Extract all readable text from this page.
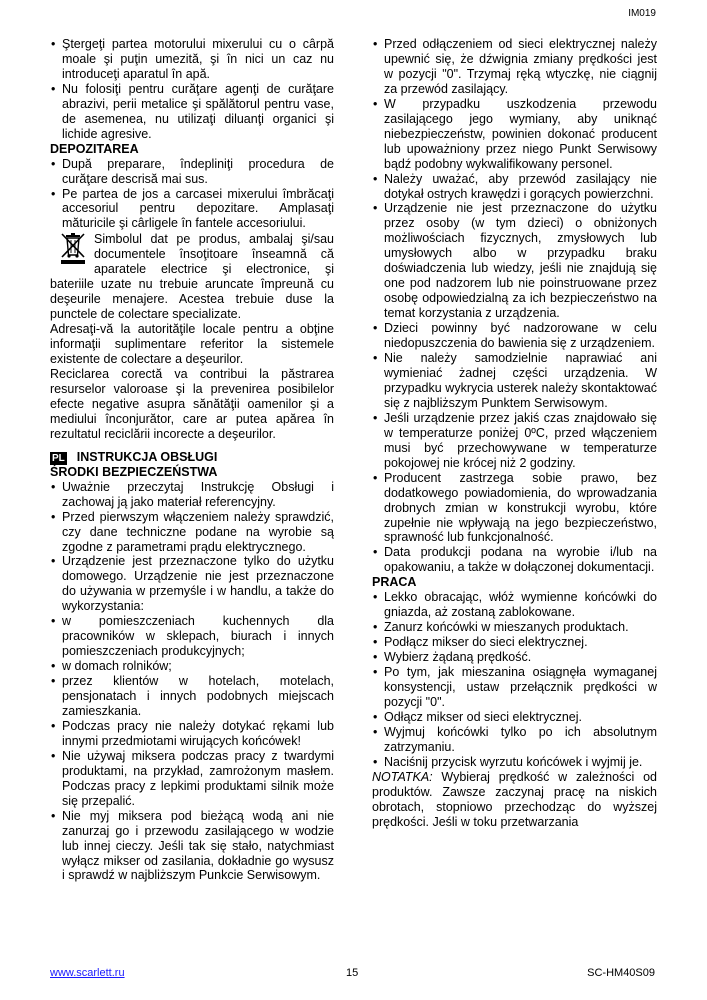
IM019
• Ştergeţi partea motorului mixerului cu o cârpă moale şi puţin umezită, şi în nici un caz nu introduceţi aparatul în apă.
• Nu folosiţi pentru curăţare agenţi de curăţare abrazivi, perii metalice şi spălătorul pentru vase, de asemenea, nu utilizaţi diluanţi organici şi lichide agresive.

DEPOZITAREA

• După preparare, îndepliniţi procedura de curăţare descrisă mai sus.
• Pe partea de jos a carcasei mixerului îmbrăcaţi accesoriul pentru depozitare. Amplasaţi măturicile şi cârligele în fantele accesoriului.
Simbolul dat pe produs, ambalaj şi/sau documentele însoţitoare înseamnă că aparatele electrice şi electronice, şi bateriile uzate nu trebuie aruncate împreună cu deşeurile menajere. Acestea trebuie duse la punctele de colectare specializate.

Adresaţi-vă la autorităţile locale pentru a obţine informaţii suplimentare referitor la sistemele existente de colectare a deşeurilor.

Reciclarea corectă va contribui la păstrarea resurselor valoroase şi la prevenirea posibilelor efecte negative asupra sănătăţii oamenilor şi a mediului înconjurător, care ar putea apărea în rezultatul reciclării incorecte a deşeurilor.

PL INSTRUKCJA OBSŁUGI

ŚRODKI BEZPIECZEŃSTWA

• Uważnie przeczytaj Instrukcję Obsługi i zachowaj ją jako materiał referencyjny.
• Przed pierwszym włączeniem należy sprawdzić, czy dane techniczne podane na wyrobie są zgodne z parametrami prądu elektrycznego.
• Urządzenie jest przeznaczone tylko do użytku domowego. Urządzenie nie jest przeznaczone do używania w przemyśle i w handlu, a także do wykorzystania:
• w pomieszczeniach kuchennych dla pracowników w sklepach, biurach i innych pomieszczeniach produkcyjnych;
• w domach rolników;
• przez klientów w hotelach, motelach, pensjonatach i innych podobnych miejscach zamieszkania.
• Podczas pracy nie należy dotykać rękami lub innymi przedmiotami wirujących końcówek!
• Nie używaj miksera podczas pracy z twardymi produktami, na przykład, zamrożonym masłem. Podczas pracy z lepkimi produktami silnik może się przepalić.
• Nie myj miksera pod bieżącą wodą ani nie zanurzaj go i przewodu zasilającego w wodzie lub innej cieczy. Jeśli tak się stało, natychmiast wyłącz mikser od zasilania, dokładnie go wysusz i sprawdź w najbliższym Punkcie Serwisowym.
• Przed odłączeniem od sieci elektrycznej należy upewnić się, że dźwignia zmiany prędkości jest w pozycji "0". Trzymaj ręką wtyczkę, nie ciągnij za przewód zasilający.
• W przypadku uszkodzenia przewodu zasilającego jego wymiany, aby uniknąć niebezpieczeństw, powinien dokonać producent lub upoważniony przez niego Punkt Serwisowy bądź podobny wykwalifikowany personel.
• Należy uważać, aby przewód zasilający nie dotykał ostrych krawędzi i gorących powierzchni.
• Urządzenie nie jest przeznaczone do użytku przez osoby (w tym dzieci) o obniżonych możliwościach fizycznych, zmysłowych lub umysłowych albo w przypadku braku doświadczenia lub wiedzy, jeśli nie znajdują się one pod nadzorem lub nie poinstruowane przez osobę odpowiedzialną za ich bezpieczeństwo na temat korzystania z urządzenia.
• Dzieci powinny być nadzorowane w celu niedopuszczenia do bawienia się z urządzeniem.
• Nie należy samodzielnie naprawiać ani wymieniać żadnej części urządzenia. W przypadku wykrycia usterek należy skontaktować się z najbliższym Punktem Serwisowym.
• Jeśli urządzenie przez jakiś czas znajdowało się w temperaturze poniżej 0ºC, przed włączeniem musi być przechowywane w temperaturze pokojowej nie krócej niż 2 godziny.
• Producent zastrzega sobie prawo, bez dodatkowego powiadomienia, do wprowadzania drobnych zmian w konstrukcji wyrobu, które zupełnie nie wpływają na jego bezpieczeństwo, sprawność lub funkcjonalność.
• Data produkcji podana na wyrobie i/lub na opakowaniu, a także w dołączonej dokumentacji.

PRACA

• Lekko obracając, włóż wymienne końcówki do gniazda, aż zostaną zablokowane.
• Zanurz końcówki w mieszanych produktach.
• Podłącz mikser do sieci elektrycznej.
• Wybierz żądaną prędkość.
• Po tym, jak mieszanina osiągnęła wymaganej konsystencji, ustaw przełącznik prędkości w pozycji "0".
• Odłącz mikser od sieci elektrycznej.
• Wyjmuj końcówki tylko po ich absolutnym zatrzymaniu.
• Naciśnij przycisk wyrzutu końcówek i wyjmij je.

NOTATKA: Wybieraj prędkość w zależności od produktów. Zawsze zaczynaj pracę na niskich obrotach, stopniowo przechodząc do wyższej prędkości. Jeśli w toku przetwarzania

www.scarlett.ru	15	SC-HM40S09
